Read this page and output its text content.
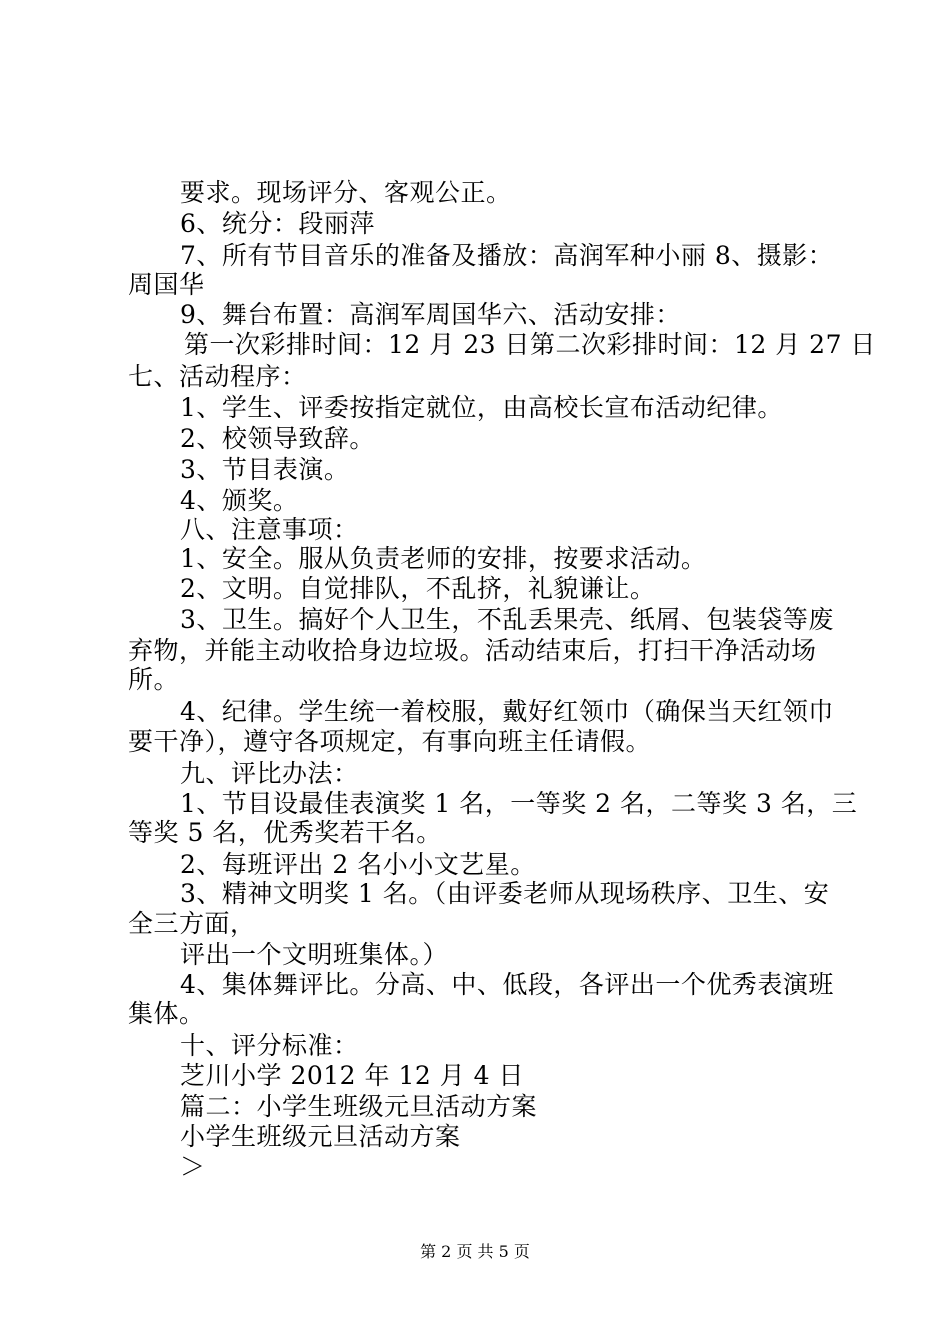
要求。现场评分、客观公正。
6、统分：段丽萍
7、所有节目音乐的准备及播放：高润军种小丽 8、摄影：
周国华
9、舞台布置：高润军周国华六、活动安排：
第一次彩排时间：12 月 23 日第二次彩排时间：12 月 27 日
七、活动程序：
1、学生、评委按指定就位，由高校长宣布活动纪律。
2、校领导致辞。
3、节目表演。
4、颁奖。
八、注意事项：
1、安全。服从负责老师的安排，按要求活动。
2、文明。自觉排队，不乱挤，礼貌谦让。
3、卫生。搞好个人卫生，不乱丢果壳、纸屑、包装袋等废
弃物，并能主动收拾身边垃圾。活动结束后，打扫干净活动场
所。
4、纪律。学生统一着校服，戴好红领巾（确保当天红领巾
要干净），遵守各项规定，有事向班主任请假。
九、评比办法：
1、节目设最佳表演奖 1 名，一等奖 2 名，二等奖 3 名，三
等奖 5 名，优秀奖若干名。
2、每班评出 2 名小小文艺星。
3、精神文明奖 1 名。（由评委老师从现场秩序、卫生、安
全三方面，
评出一个文明班集体。）
4、集体舞评比。分高、中、低段，各评出一个优秀表演班
集体。
十、评分标准：
芝川小学 2012 年 12 月 4 日
篇二：小学生班级元旦活动方案
小学生班级元旦活动方案
＞
第 2 页 共 5 页
